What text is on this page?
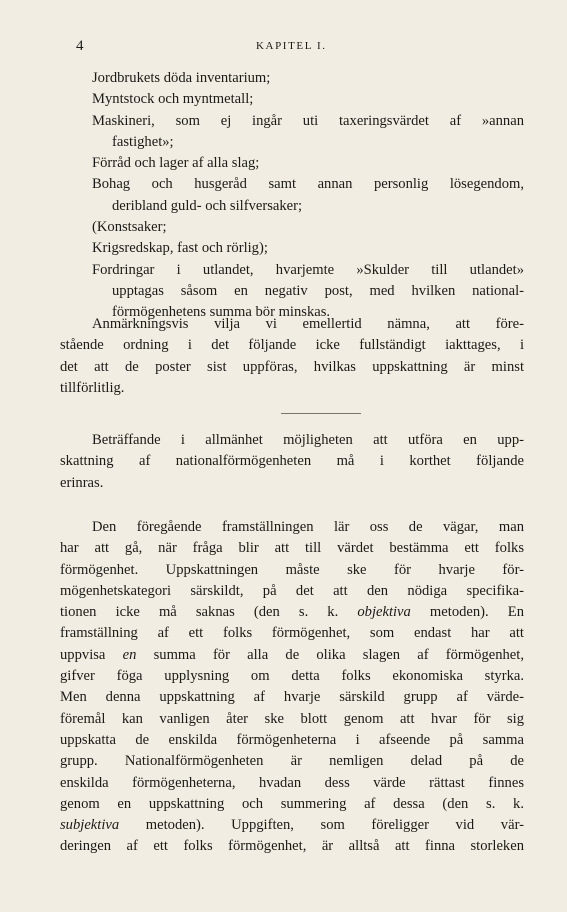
4	KAPITEL I.
Jordbrukets döda inventarium;
Myntstock och myntmetall;
Maskineri, som ej ingår uti taxeringsvärdet af »annan
fastighet»;
Förråd och lager af alla slag;
Bohag och husgeråd samt annan personlig lösegendom,
deribland guld- och silfversaker;
(Konstsaker;
Krigsredskap, fast och rörlig);
Fordringar i utlandet, hvarjemte »Skulder till utlandet»
upptagas såsom en negativ post, med hvilken national-
förmögenhetens summa bör minskas.
Anmärkningsvis vilja vi emellertid nämna, att före-
stående ordning i det följande icke fullständigt iakttages, i
det att de poster sist uppföras, hvilkas uppskattning är minst
tillförlitlig.
Beträffande i allmänhet möjligheten att utföra en upp-
skattning af nationalförmögenheten må i korthet följande
erinras.
Den föregående framställningen lär oss de vägar, man
har att gå, när fråga blir att till värdet bestämma ett folks
förmögenhet. Uppskattningen måste ske för hvarje för-
mögenhetskategori särskildt, på det att den nödiga specifika-
tionen icke må saknas (den s. k. objektiva metoden). En
framställning af ett folks förmögenhet, som endast har att
uppvisa en summa för alla de olika slagen af förmögenhet,
gifver föga upplysning om detta folks ekonomiska styrka.
Men denna uppskattning af hvarje särskild grupp af värde-
föremål kan vanligen åter ske blott genom att hvar för sig
uppskatta de enskilda förmögenheterna i afseende på samma
grupp. Nationalförmögenheten är nemligen delad på de
enskilda förmögenheterna, hvadan dess värde rättast finnes
genom en uppskattning och summering af dessa (den s. k.
subjektiva metoden). Uppgiften, som föreligger vid vär-
deringen af ett folks förmögenhet, är alltså att finna storleken
